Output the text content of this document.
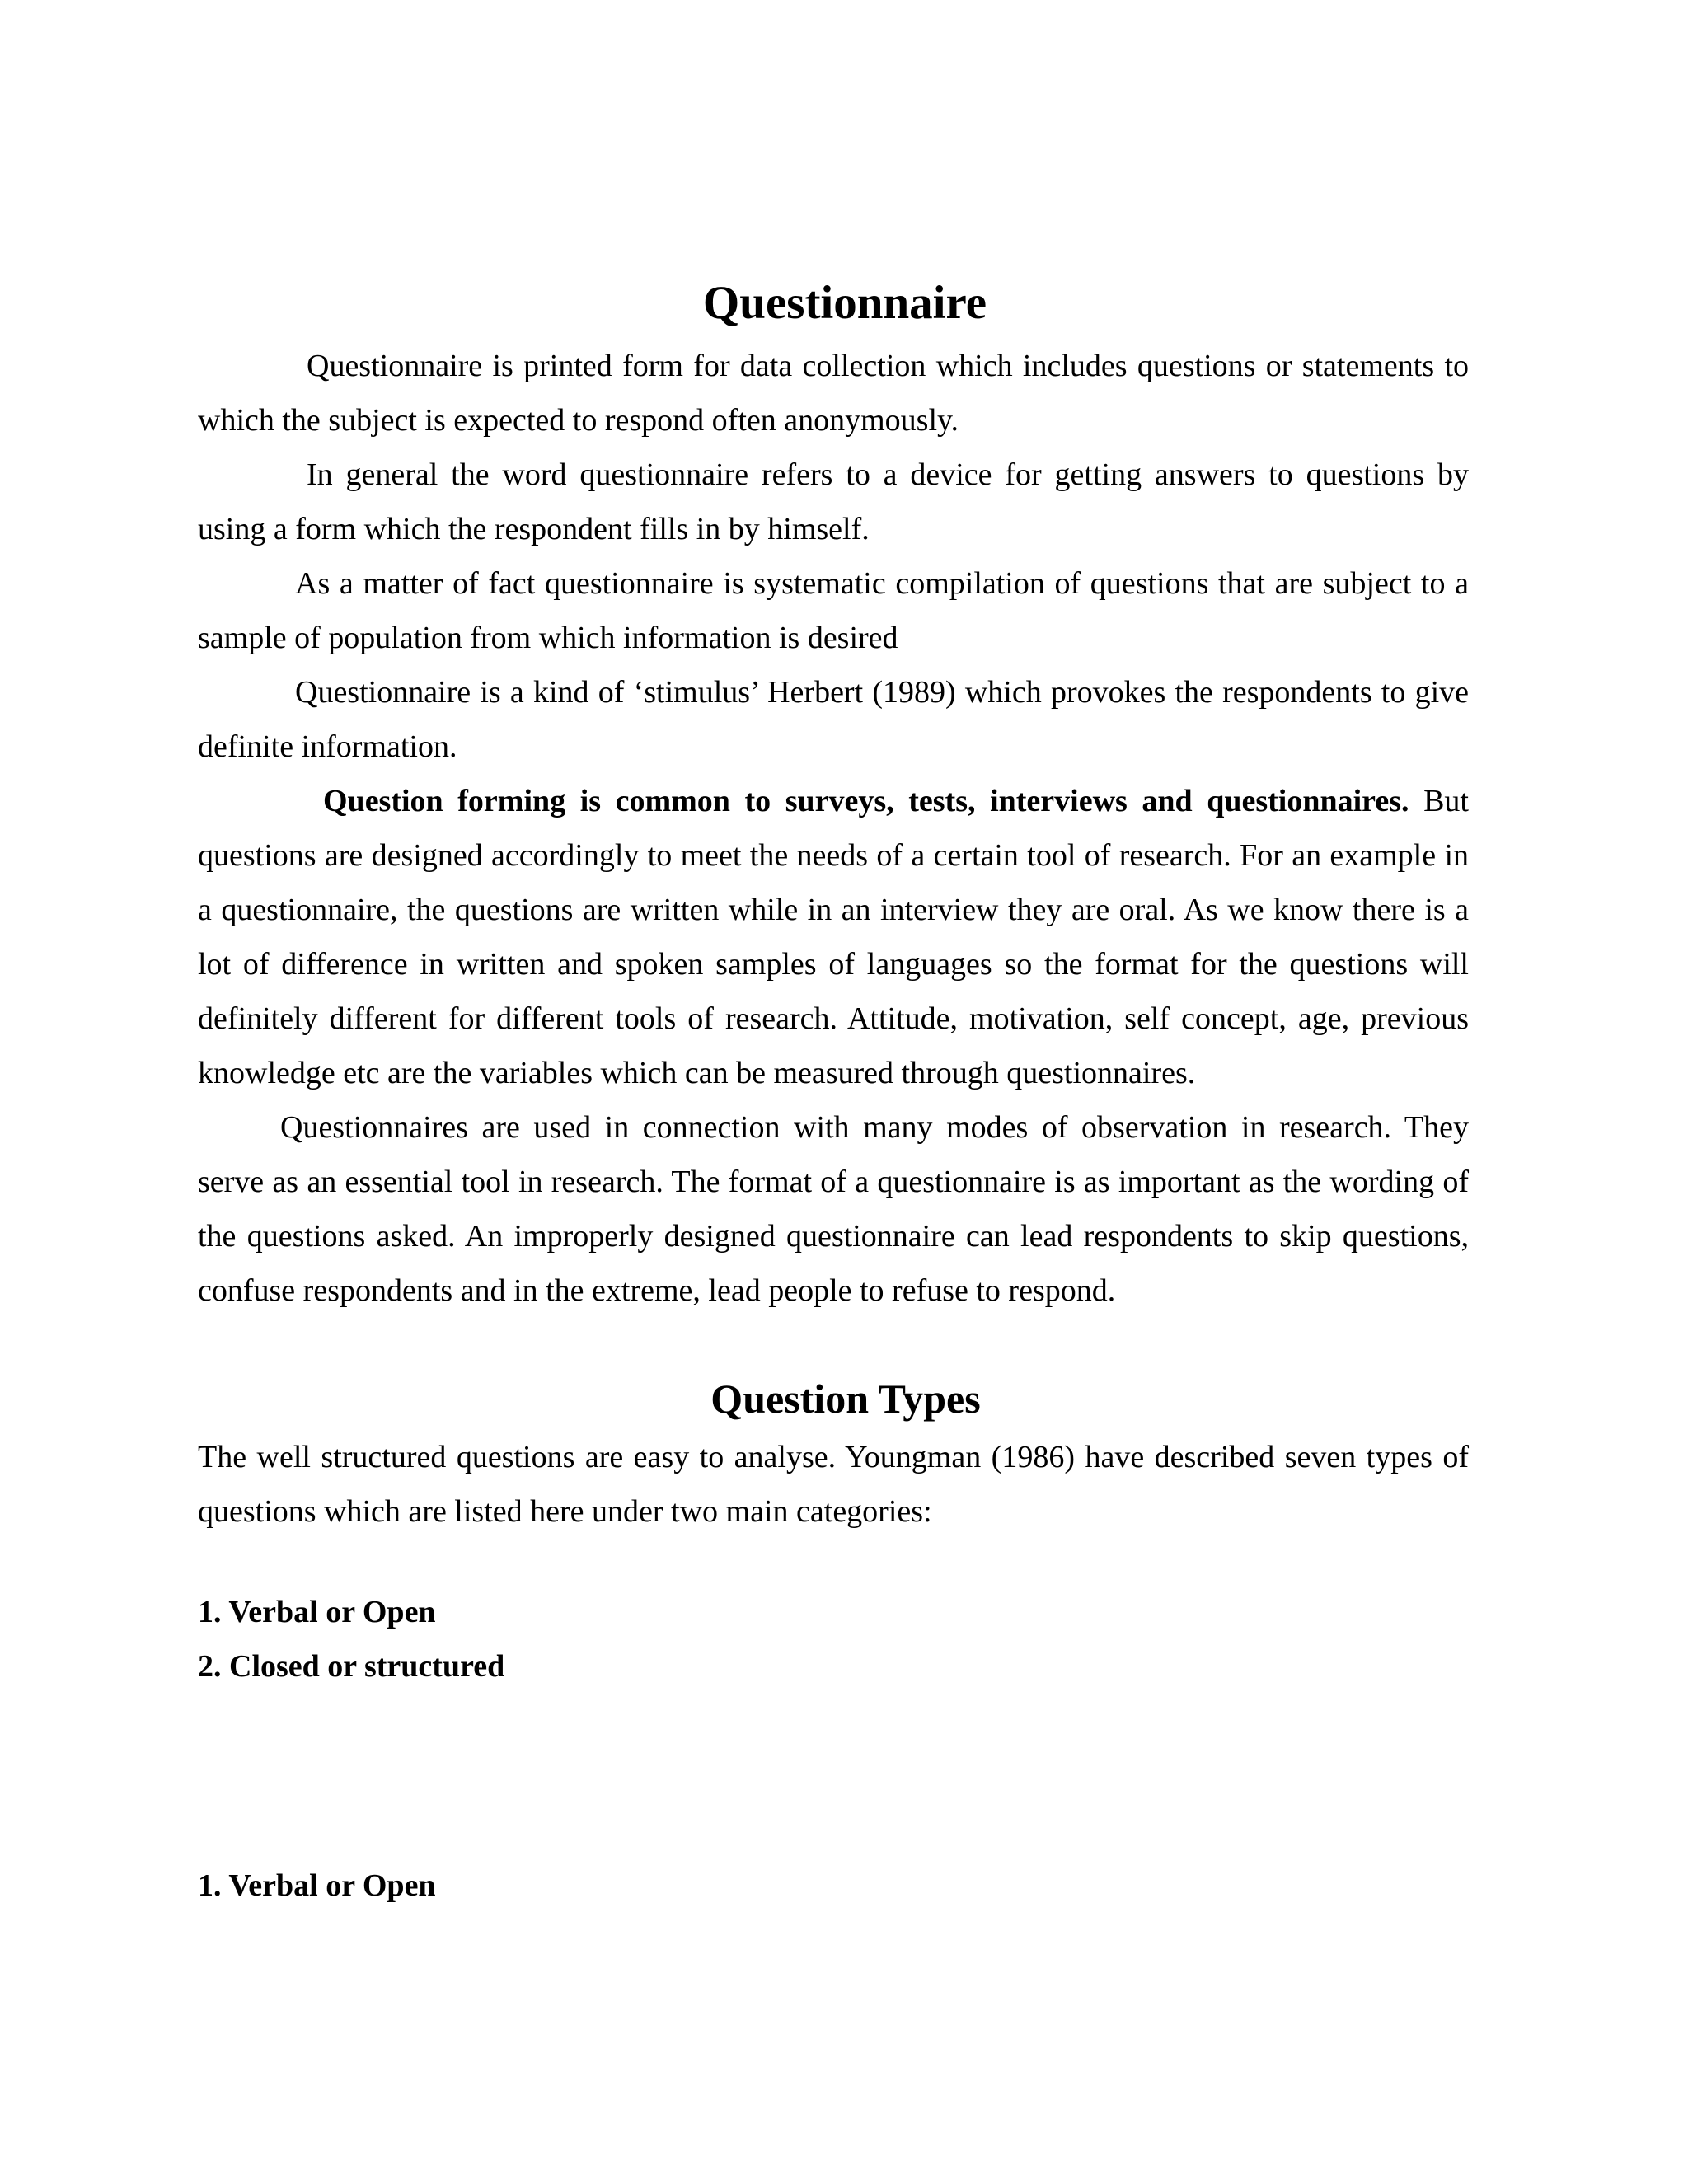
Questionnaire

Questionnaire is printed form for data collection which includes questions or statements to which the subject is expected to respond often anonymously.

In general the word questionnaire refers to a device for getting answers to questions by using a form which the respondent fills in by himself.

As a matter of fact questionnaire is systematic compilation of questions that are subject to a sample of population from which information is desired

Questionnaire is a kind of ‘stimulus’ Herbert (1989) which provokes the respondents to give definite information.

Question forming is common to surveys, tests, interviews and questionnaires. But questions are designed accordingly to meet the needs of a certain tool of research. For an example in a questionnaire, the questions are written while in an interview they are oral. As we know there is a lot of difference in written and spoken samples of languages so the format for the questions will definitely different for different tools of research. Attitude, motivation, self concept, age, previous knowledge etc are the variables which can be measured through questionnaires.

Questionnaires are used in connection with many modes of observation in research. They serve as an essential tool in research. The format of a questionnaire is as important as the wording of the questions asked. An improperly designed questionnaire can lead respondents to skip questions, confuse respondents and in the extreme, lead people to refuse to respond.

Question Types

The well structured questions are easy to analyse. Youngman (1986) have described seven types of questions which are listed here under two main categories:

1. Verbal or Open
2. Closed or structured
1. Verbal or Open
